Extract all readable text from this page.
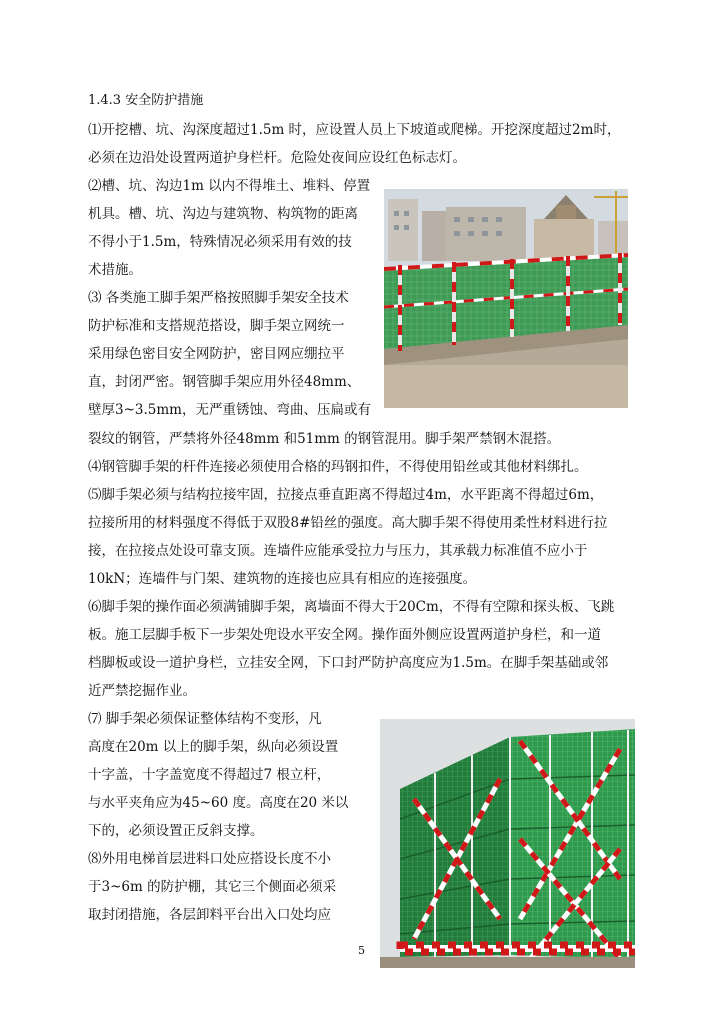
1.4.3 安全防护措施
⑴开挖槽、坑、沟深度超过1.5m 时，应设置人员上下坡道或爬梯。开挖深度超过2m时，
必须在边沿处设置两道护身栏杆。危险处夜间应设红色标志灯。
⑵槽、坑、沟边1m 以内不得堆土、堆料、停置
机具。槽、坑、沟边与建筑物、构筑物的距离
不得小于1.5m，特殊情况必须采用有效的技
术措施。
⑶ 各类施工脚手架严格按照脚手架安全技术
防护标准和支搭规范搭设，脚手架立网统一
采用绿色密目安全网防护，密目网应绷拉平
直，封闭严密。钢管脚手架应用外径48mm、
壁厚3~3.5mm，无严重锈蚀、弯曲、压扁或有
裂纹的钢管，严禁将外径48mm 和51mm 的钢管混用。脚手架严禁钢木混搭。
⑷钢管脚手架的杆件连接必须使用合格的玛钢扣件，不得使用铅丝或其他材料绑扎。
⑸脚手架必须与结构拉接牢固，拉接点垂直距离不得超过4m，水平距离不得超过6m，
拉接所用的材料强度不得低于双股8#铅丝的强度。高大脚手架不得使用柔性材料进行拉
接，在拉接点处设可靠支顶。连墙件应能承受拉力与压力，其承载力标准值不应小于
10kN；连墙件与门架、建筑物的连接也应具有相应的连接强度。
⑹脚手架的操作面必须满铺脚手架，离墙面不得大于20Cm，不得有空隙和探头板、飞跳
板。施工层脚手板下一步架处兜设水平安全网。操作面外侧应设置两道护身栏，和一道
档脚板或设一道护身栏，立挂安全网，下口封严防护高度应为1.5m。在脚手架基础或邻
近严禁挖掘作业。
⑺ 脚手架必须保证整体结构不变形，凡
高度在20m 以上的脚手架，纵向必须设置
十字盖，十字盖宽度不得超过7 根立杆，
与水平夹角应为45~60 度。高度在20 米以
下的，必须设置正反斜支撑。
⑻外用电梯首层进料口处应搭设长度不小
于3~6m 的防护棚，其它三个侧面必须采
取封闭措施，各层卸料平台出入口处均应
5
